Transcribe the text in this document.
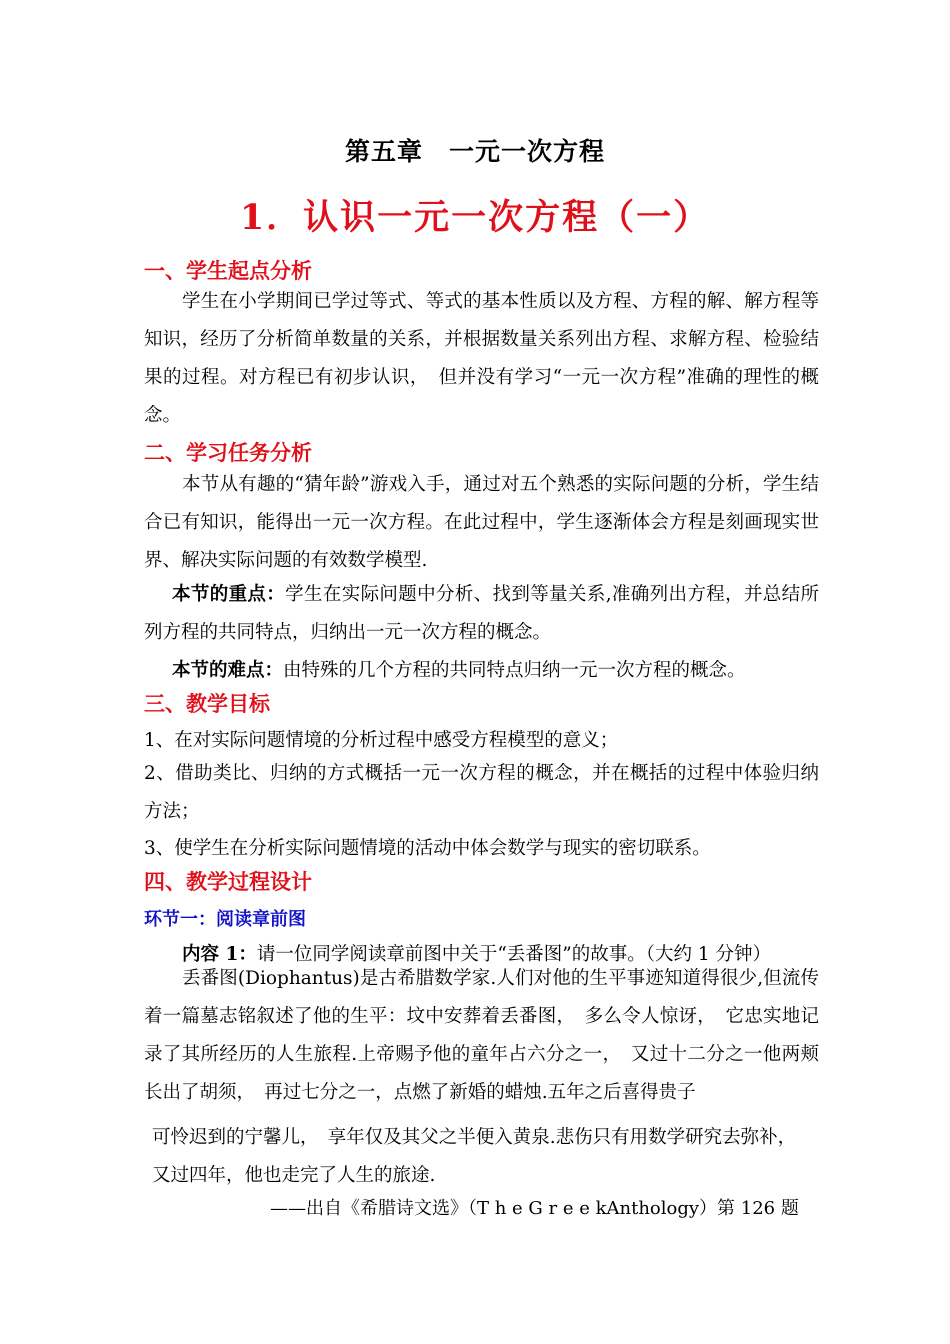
第五章　一元一次方程
1．认识一元一次方程（一）
一、学生起点分析

学生在小学期间已学过等式、等式的基本性质以及方程、方程的解、解方程等知识，经历了分析简单数量的关系，并根据数量关系列出方程、求解方程、检验结果的过程。对方程已有初步认识，　但并没有学习“一元一次方程”准确的理性的概念。

二、学习任务分析

本节从有趣的“猜年龄”游戏入手，通过对五个熟悉的实际问题的分析，学生结合已有知识，能得出一元一次方程。在此过程中，学生逐渐体会方程是刻画现实世界、解决实际问题的有效数学模型.

本节的重点：学生在实际问题中分析、找到等量关系,准确列出方程，并总结所列方程的共同特点，归纳出一元一次方程的概念。

本节的难点：由特殊的几个方程的共同特点归纳一元一次方程的概念。
三、教学目标
1、在对实际问题情境的分析过程中感受方程模型的意义；

2、借助类比、归纳的方式概括一元一次方程的概念，并在概括的过程中体验归纳方法；

3、使学生在分析实际问题情境的活动中体会数学与现实的密切联系。
四、教学过程设计
环节一：阅读章前图
内容 1：请一位同学阅读章前图中关于“丢番图”的故事。（大约 1 分钟）

丢番图(Diophantus)是古希腊数学家.人们对他的生平事迹知道得很少,但流传着一篇墓志铭叙述了他的生平：坟中安葬着丢番图，　多么令人惊讶，　它忠实地记录了其所经历的人生旅程.上帝赐予他的童年占六分之一，　又过十二分之一他两颊长出了胡须，　再过七分之一，点燃了新婚的蜡烛.五年之后喜得贵子

可怜迟到的宁馨儿，　享年仅及其父之半便入黄泉.悲伤只有用数学研究去弥补，
又过四年，他也走完了人生的旅途.
——出自《希腊诗文选》（T h e G r e e kAnthology）第 126 题
